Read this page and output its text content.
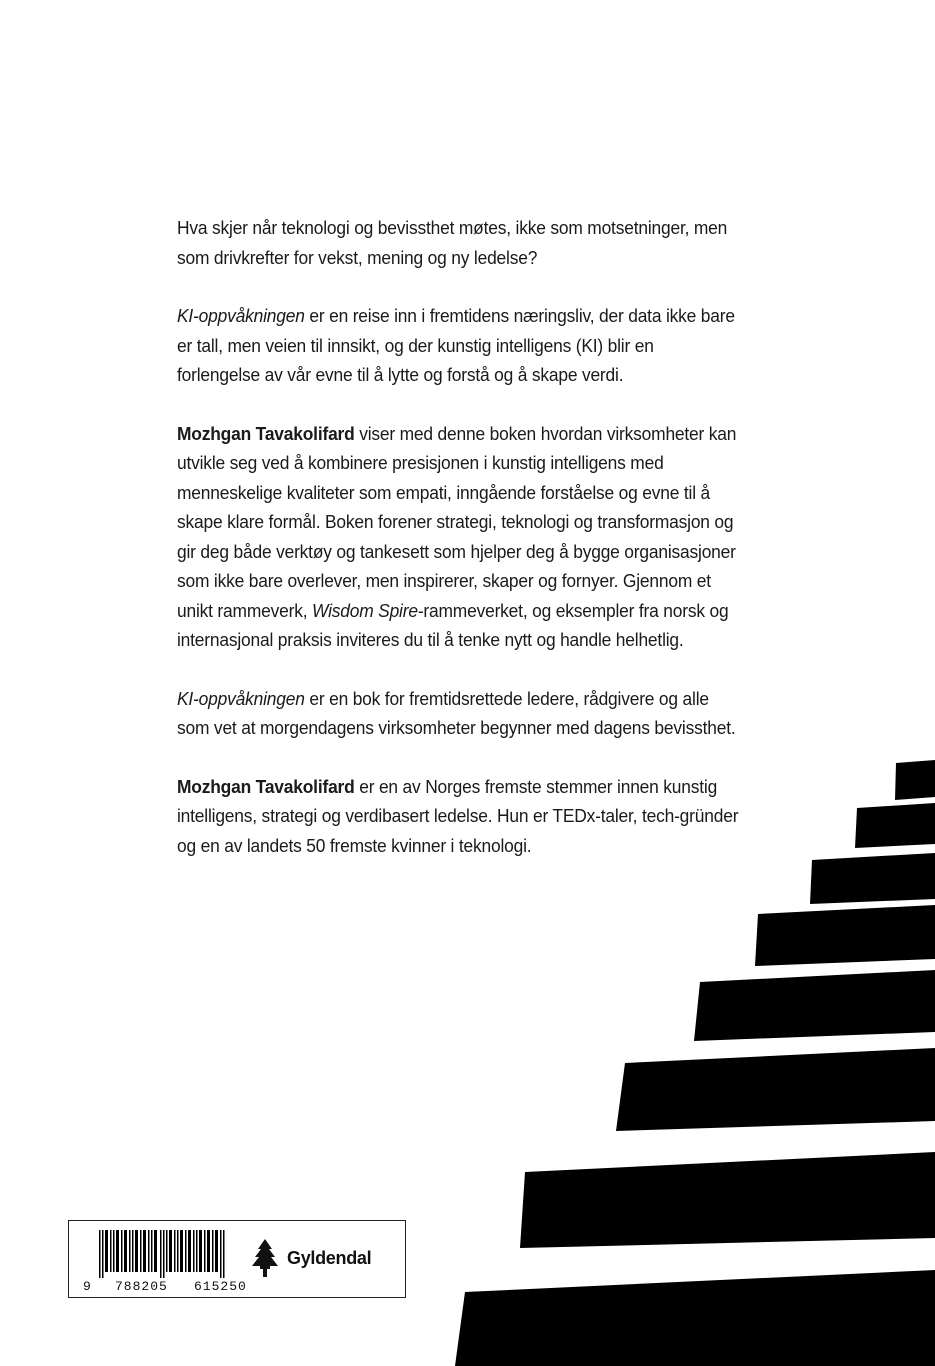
Hva skjer når teknologi og bevissthet møtes, ikke som motsetninger, men som drivkrefter for vekst, mening og ny ledelse?

KI-oppvåkningen er en reise inn i fremtidens næringsliv, der data ikke bare er tall, men veien til innsikt, og der kunstig intelligens (KI) blir en forlengelse av vår evne til å lytte og forstå og å skape verdi.

Mozhgan Tavakolifard viser med denne boken hvordan virksomheter kan utvikle seg ved å kombinere presisjonen i kunstig intelligens med menneskelige kvaliteter som empati, inngående forståelse og evne til å skape klare formål. Boken forener strategi, teknologi og transformasjon og gir deg både verktøy og tankesett som hjelper deg å bygge organisasjoner som ikke bare overlever, men inspirerer, skaper og fornyer. Gjennom et unikt rammeverk, Wisdom Spire-rammeverket, og eksempler fra norsk og internasjonal praksis inviteres du til å tenke nytt og handle helhetlig.

KI-oppvåkningen er en bok for fremtidsrettede ledere, rådgivere og alle som vet at morgendagens virksomheter begynner med dagens bevissthet.

Mozhgan Tavakolifard er en av Norges fremste stemmer innen kunstig intelligens, strategi og verdibasert ledelse. Hun er TEDx-taler, tech-gründer og en av landets 50 fremste kvinner i teknologi.

9 788205 615250
Gyldendal
